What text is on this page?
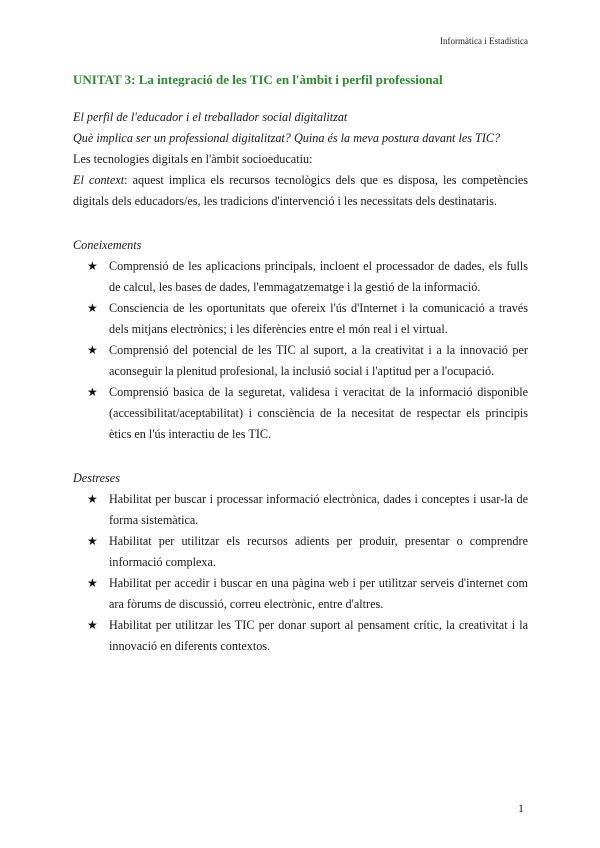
Informàtica i Estadística
UNITAT 3: La integració de les TIC en l'àmbit i perfil professional

El perfil de l'educador i el treballador social digitalitzat

Què implica ser un professional digitalitzat? Quina és la meva postura davant les TIC?

Les tecnologies digitals en l'àmbit socioeducatiu:

El context: aquest implica els recursos tecnològics dels que es disposa, les competències digitals dels educadors/es, les tradicions d'intervenció i les necessitats dels destinataris.

Coneixements

★ Comprensió de les aplicacions principals, incloent el processador de dades, els fulls de calcul, les bases de dades, l'emmagatzematge i la gestió de la informació.
★ Consciencia de les oportunitats que ofereix l'ús d'Internet i la comunicació a través dels mitjans electrònics; i les diferències entre el món real i el virtual.
★ Comprensió del potencial de les TIC al suport, a la creativitat i a la innovació per aconseguir la plenitud profesional, la inclusió social i l'aptitud per a l'ocupació.
★ Comprensió basica de la seguretat, validesa i veracitat de la informació disponible (accessibilitat/aceptabilitat) i consciència de la necesitat de respectar els principis ètics en l'ús interactiu de les TIC.

Destreses

★ Habilitat per buscar i processar informació electrònica, dades i conceptes i usar-la de forma sistemàtica.
★ Habilitat per utilitzar els recursos adients per produir, presentar o comprendre informació complexa.
★ Habilitat per accedir i buscar en una pàgina web i per utilitzar serveis d'internet com ara fòrums de discussió, correu electrònic, entre d'altres.
★ Habilitat per utilitzar les TIC per donar suport al pensament crític, la creativitat i la innovació en diferents contextos.
1
